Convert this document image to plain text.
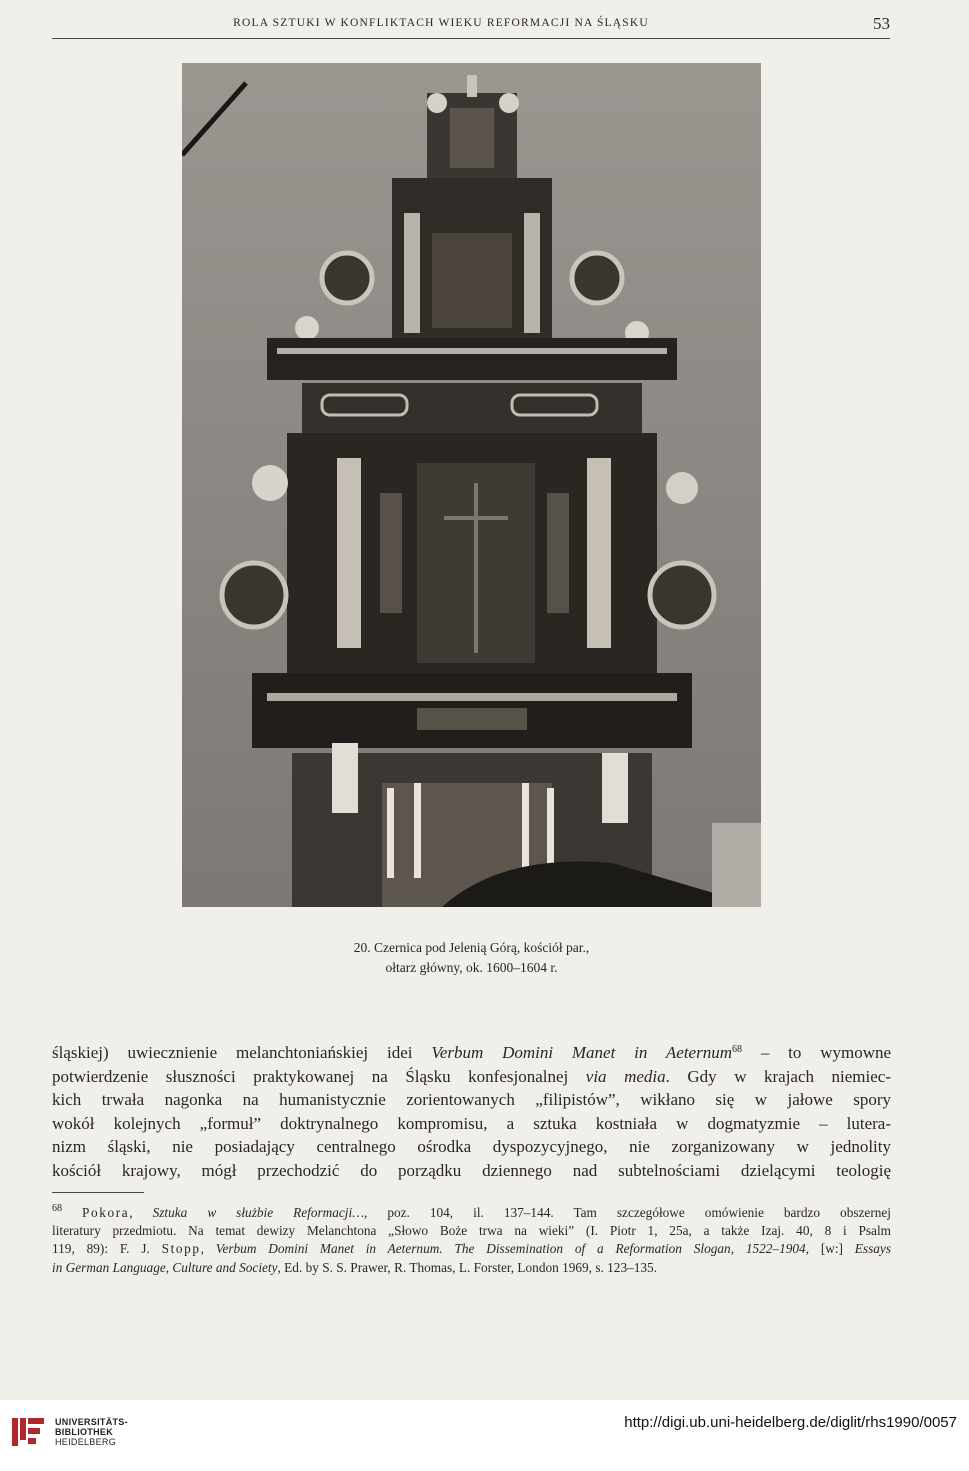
ROLA SZTUKI W KONFLIKTACH WIEKU REFORMACJI NA ŚLĄSKU	53
20. Czernica pod Jelenią Górą, kościół par.,
ołtarz główny, ok. 1600–1604 r.
śląskiej) uwiecznienie melanchtoniańskiej idei Verbum Domini Manet in Aeternum$^{68}$ – to wymowne
potwierdzenie słuszności praktykowanej na Śląsku konfesjonalnej via media. Gdy w krajach niemiec-
kich trwała nagonka na humanistycznie zorientowanych „filipistów”, wikłano się w jałowe spory
wokół kolejnych „formuł” doktrynalnego kompromisu, a sztuka kostniała w dogmatyzmie – lutera-
nizm śląski, nie posiadający centralnego ośrodka dyspozycyjnego, nie zorganizowany w jednolity
kościół krajowy, mógł przechodzić do porządku dziennego nad subtelnościami dzielącymi teologię
$^{68}$ Pokora, Sztuka w służbie Reformacji…, poz. 104, il. 137–144. Tam szczegółowe omówienie bardzo obszernej
literatury przedmiotu. Na temat dewizy Melanchtona „Słowo Boże trwa na wieki” (I. Piotr 1, 25a, a także Izaj. 40, 8 i Psalm
119, 89): F. J. Stopp, Verbum Domini Manet in Aeternum. The Dissemination of a Reformation Slogan, 1522–1904, [w:] Essays
in German Language, Culture and Society, Ed. by S. S. Prawer, R. Thomas, L. Forster, London 1969, s. 123–135.
UNIVERSITÄTS-
BIBLIOTHEK
HEIDELBERG
http://digi.ub.uni-heidelberg.de/diglit/rhs1990/0057
